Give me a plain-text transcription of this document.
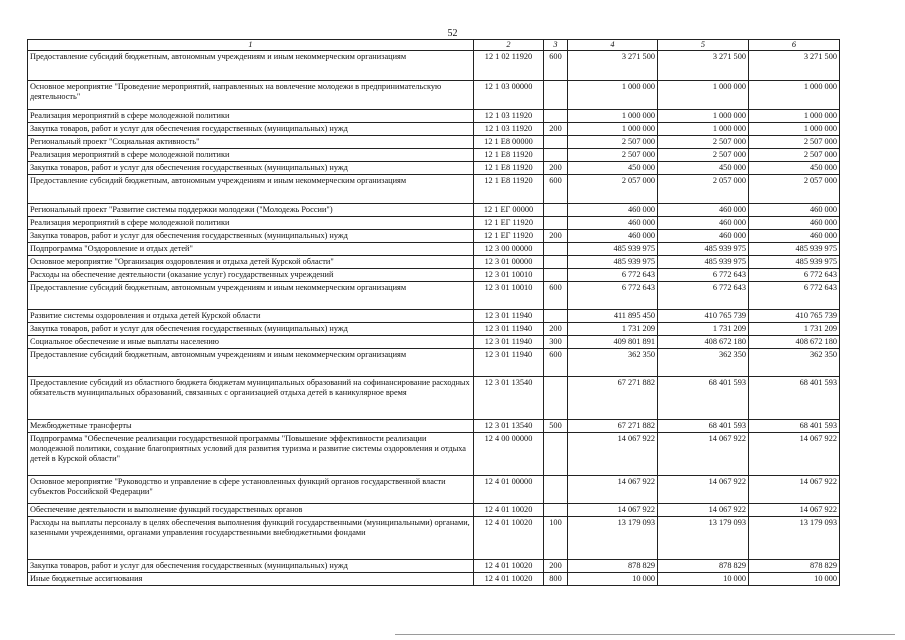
52
1	2	3	4	5	6
Предоставление субсидий бюджетным, автономным учреждениям и иным некоммерческим организациям	12 1 02 11920	600	3 271 500	3 271 500	3 271 500
Основное мероприятие "Проведение мероприятий, направленных на вовлечение молодежи в предпринимательскую деятельность"	12 1 03 00000		1 000 000	1 000 000	1 000 000
Реализация мероприятий в сфере молодежной политики	12 1 03 11920		1 000 000	1 000 000	1 000 000
Закупка товаров, работ и услуг для обеспечения государственных (муниципальных) нужд	12 1 03 11920	200	1 000 000	1 000 000	1 000 000
Региональный проект "Социальная активность"	12 1 E8 00000		2 507 000	2 507 000	2 507 000
Реализация мероприятий в сфере молодежной политики	12 1 E8 11920		2 507 000	2 507 000	2 507 000
Закупка товаров, работ и услуг для обеспечения государственных (муниципальных) нужд	12 1 E8 11920	200	450 000	450 000	450 000
Предоставление субсидий бюджетным, автономным учреждениям и иным некоммерческим организациям	12 1 E8 11920	600	2 057 000	2 057 000	2 057 000
Региональный проект "Развитие системы поддержки молодежи ("Молодежь России")	12 1 EГ 00000		460 000	460 000	460 000
Реализация мероприятий в сфере молодежной политики	12 1 EГ 11920		460 000	460 000	460 000
Закупка товаров, работ и услуг для обеспечения государственных (муниципальных) нужд	12 1 EГ 11920	200	460 000	460 000	460 000
Подпрограмма "Оздоровление и отдых детей"	12 3 00 00000		485 939 975	485 939 975	485 939 975
Основное мероприятие "Организация оздоровления и отдыха детей Курской области"	12 3 01 00000		485 939 975	485 939 975	485 939 975
Расходы на обеспечение деятельности (оказание услуг) государственных учреждений	12 3 01 10010		6 772 643	6 772 643	6 772 643
Предоставление субсидий бюджетным, автономным учреждениям и иным некоммерческим организациям	12 3 01 10010	600	6 772 643	6 772 643	6 772 643
Развитие системы оздоровления и отдыха детей Курской области	12 3 01 11940		411 895 450	410 765 739	410 765 739
Закупка товаров, работ и услуг для обеспечения государственных (муниципальных) нужд	12 3 01 11940	200	1 731 209	1 731 209	1 731 209
Социальное обеспечение и иные выплаты населению	12 3 01 11940	300	409 801 891	408 672 180	408 672 180
Предоставление субсидий бюджетным, автономным учреждениям и иным некоммерческим организациям	12 3 01 11940	600	362 350	362 350	362 350
Предоставление субсидий из областного бюджета бюджетам муниципальных образований на софинансирование расходных обязательств муниципальных образований, связанных с организацией отдыха детей в каникулярное время	12 3 01 13540		67 271 882	68 401 593	68 401 593
Межбюджетные трансферты	12 3 01 13540	500	67 271 882	68 401 593	68 401 593
Подпрограмма "Обеспечение реализации государственной программы "Повышение эффективности реализации молодежной политики, создание благоприятных условий для развития туризма и развитие системы оздоровления и отдыха детей в Курской области"	12 4 00 00000		14 067 922	14 067 922	14 067 922
Основное мероприятие "Руководство и управление в сфере установленных функций органов государственной власти субъектов Российской Федерации"	12 4 01 00000		14 067 922	14 067 922	14 067 922
Обеспечение деятельности и выполнение функций государственных органов	12 4 01 10020		14 067 922	14 067 922	14 067 922
Расходы на выплаты персоналу в целях обеспечения выполнения функций государственными (муниципальными) органами, казенными учреждениями, органами управления государственными внебюджетными фондами	12 4 01 10020	100	13 179 093	13 179 093	13 179 093
Закупка товаров, работ и услуг для обеспечения государственных (муниципальных) нужд	12 4 01 10020	200	878 829	878 829	878 829
Иные бюджетные ассигнования	12 4 01 10020	800	10 000	10 000	10 000
